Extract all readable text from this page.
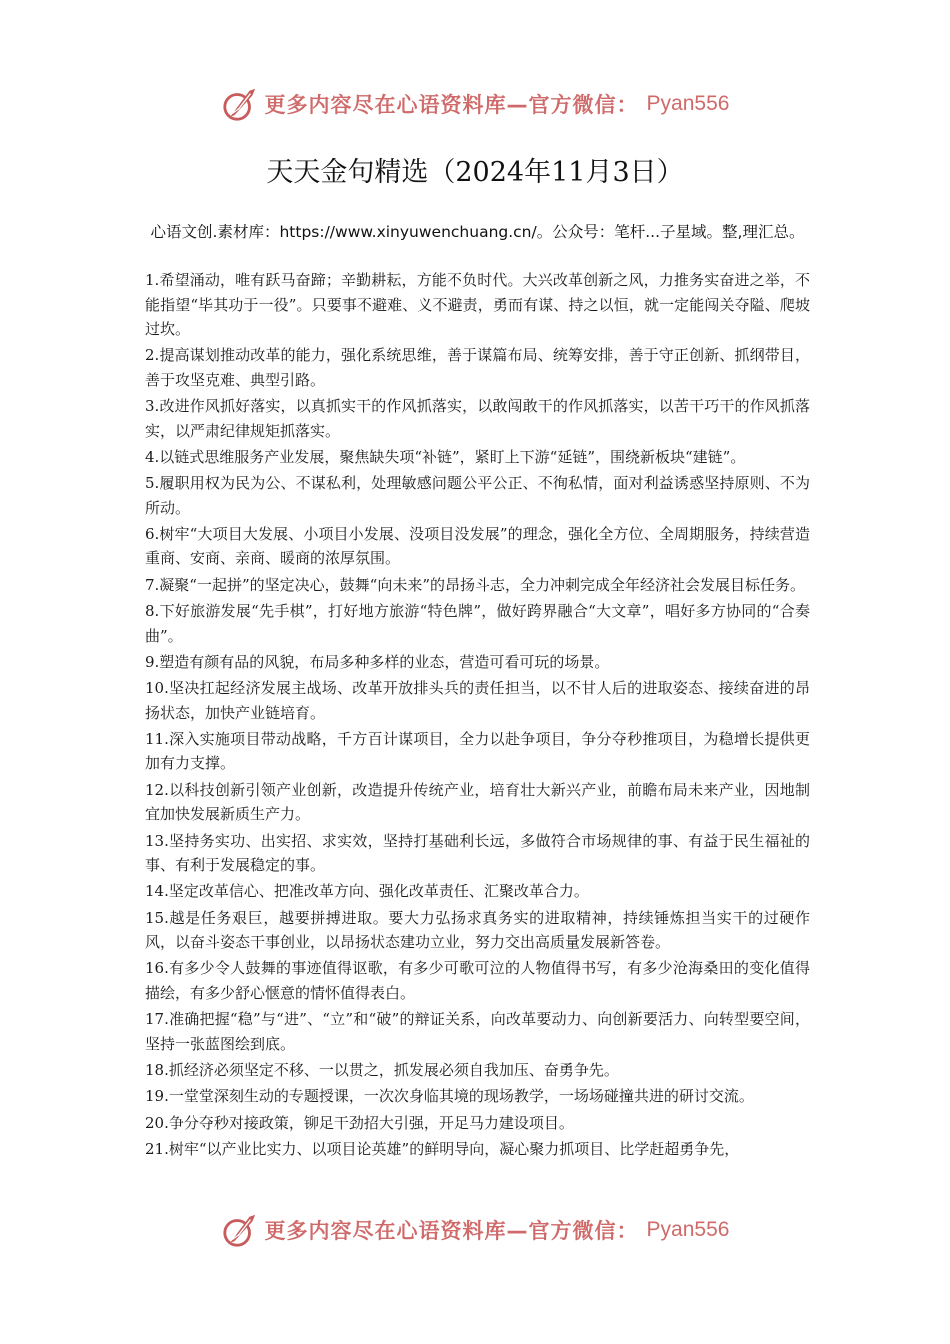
更多内容尽在心语资料库—官方微信： Pyan556
天天金句精选（2024年11月3日）
心语文创.素材库：https://www.xinyuwenchuang.cn/。公众号：笔杆...子星域。整,理汇总。

1.希望涌动，唯有跃马奋蹄；辛勤耕耘，方能不负时代。大兴改革创新之风，力推务实奋进之举，不能指望“毕其功于一役”。只要事不避难、义不避责，勇而有谋、持之以恒，就一定能闯关夺隘、爬坡过坎。

2.提高谋划推动改革的能力，强化系统思维，善于谋篇布局、统筹安排，善于守正创新、抓纲带目，善于攻坚克难、典型引路。

3.改进作风抓好落实，以真抓实干的作风抓落实，以敢闯敢干的作风抓落实，以苦干巧干的作风抓落实，以严肃纪律规矩抓落实。

4.以链式思维服务产业发展，聚焦缺失项“补链”，紧盯上下游“延链”，围绕新板块“建链”。

5.履职用权为民为公、不谋私利，处理敏感问题公平公正、不徇私情，面对利益诱惑坚持原则、不为所动。

6.树牢“大项目大发展、小项目小发展、没项目没发展”的理念，强化全方位、全周期服务，持续营造重商、安商、亲商、暖商的浓厚氛围。

7.凝聚“一起拼”的坚定决心，鼓舞“向未来”的昂扬斗志，全力冲刺完成全年经济社会发展目标任务。

8.下好旅游发展“先手棋”，打好地方旅游“特色牌”，做好跨界融合“大文章”，唱好多方协同的“合奏曲”。

9.塑造有颜有品的风貌，布局多种多样的业态，营造可看可玩的场景。

10.坚决扛起经济发展主战场、改革开放排头兵的责任担当，以不甘人后的进取姿态、接续奋进的昂扬状态，加快产业链培育。

11.深入实施项目带动战略，千方百计谋项目，全力以赴争项目，争分夺秒推项目，为稳增长提供更加有力支撑。

12.以科技创新引领产业创新，改造提升传统产业，培育壮大新兴产业，前瞻布局未来产业，因地制宜加快发展新质生产力。

13.坚持务实功、出实招、求实效，坚持打基础利长远，多做符合市场规律的事、有益于民生福祉的事、有利于发展稳定的事。

14.坚定改革信心、把准改革方向、强化改革责任、汇聚改革合力。

15.越是任务艰巨，越要拼搏进取。要大力弘扬求真务实的进取精神，持续锤炼担当实干的过硬作风，以奋斗姿态干事创业，以昂扬状态建功立业，努力交出高质量发展新答卷。

16.有多少令人鼓舞的事迹值得讴歌，有多少可歌可泣的人物值得书写，有多少沧海桑田的变化值得描绘，有多少舒心惬意的情怀值得表白。

17.准确把握“稳”与“进”、“立”和“破”的辩证关系，向改革要动力、向创新要活力、向转型要空间，坚持一张蓝图绘到底。

18.抓经济必须坚定不移、一以贯之，抓发展必须自我加压、奋勇争先。

19.一堂堂深刻生动的专题授课，一次次身临其境的现场教学，一场场碰撞共进的研讨交流。

20.争分夺秒对接政策，铆足干劲招大引强，开足马力建设项目。

21.树牢“以产业比实力、以项目论英雄”的鲜明导向，凝心聚力抓项目、比学赶超勇争先，

更多内容尽在心语资料库—官方微信： Pyan556
